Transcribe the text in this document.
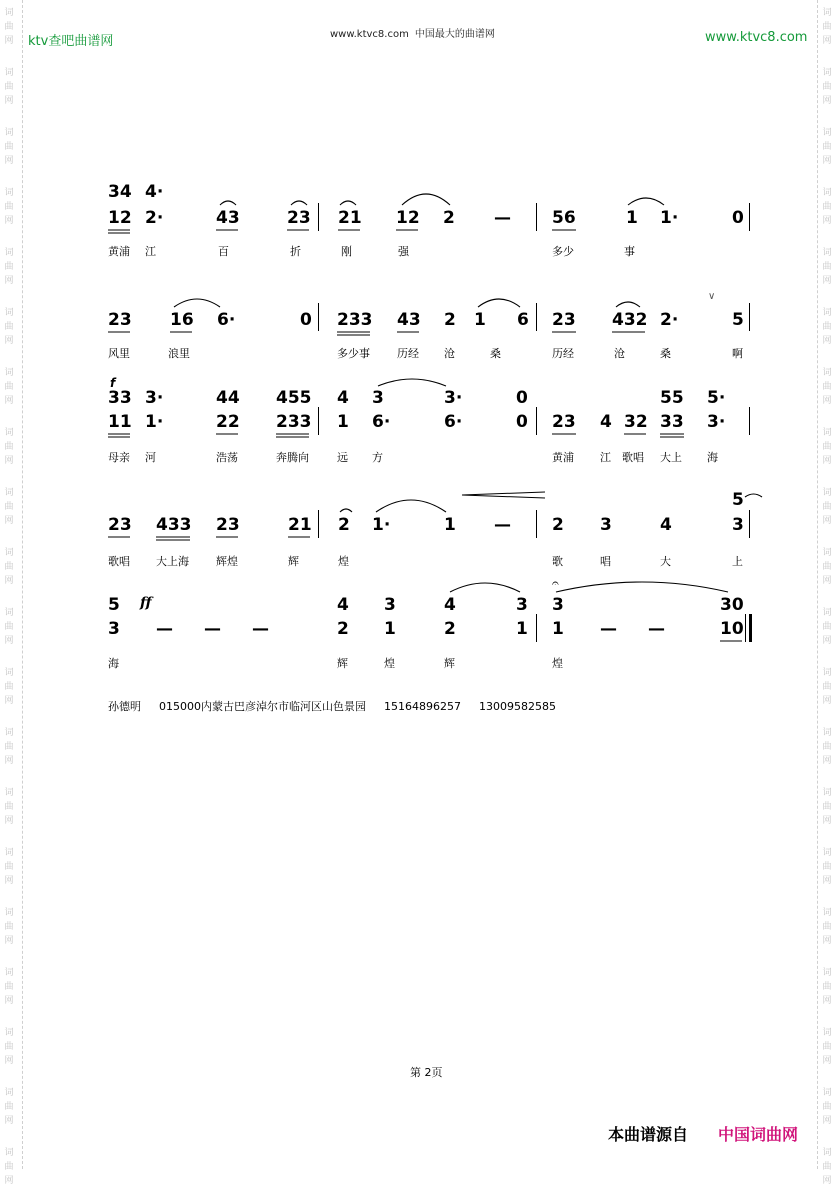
词
曲
网
词
曲
网
词
曲
网
词
曲
网
词
曲
网
词
曲
网
词
曲
网
词
曲
网
词
曲
网
词
曲
网
词
曲
网
词
曲
网
词
曲
网
词
曲
网
词
曲
网
词
曲
网
词
曲
网
词
曲
网
词
曲
网
词
曲
网
词
曲
网
词
曲
网
词
曲
网
词
曲
网
词
曲
网
词
曲
网
词
曲
网
词
曲
网
词
曲
网
词
曲
网
词
曲
网
词
曲
网
词
曲
网
词
曲
网
词
曲
网
词
曲
网
词
曲
网
词
曲
网
词
曲
网
词
曲
网
ktv查吧曲谱网	www.ktvc8.com 中国最大的曲谱网	www.ktvc8.com
34 4·
12 2·	43	23 21 12 2 — 56	1 1·	0
黄浦 江	百	折	刚	强	多少	事
23 16 6·	0 233 43 2 1 6 23 432 2·	5
∨
风里	浪里	多少事 历经 沧	桑	历经	沧	桑	啊
f
33 3·	44 455 4 3	3·	0	55 5·
11 1·	22 233 1 6·	6·	0 23 4 32 33 3·
母亲 河	浩荡	奔腾向	远 方	黄浦 江 歌唱 大上 海
5
23 433 23	21 2 1·	1 — 2 3	4	3
歌唱 大上海 辉煌	辉	煌	歌	唱	大	上
𝄐
ff
5	4 3	4	3 3	30
3 — — —	2 1	2	1 1 — —	10
海	辉	煌	辉	煌
孙德明 015000内蒙古巴彦淖尔市临河区山色景园 15164896257 13009582585
第 2页
本曲谱源自 中国词曲网
